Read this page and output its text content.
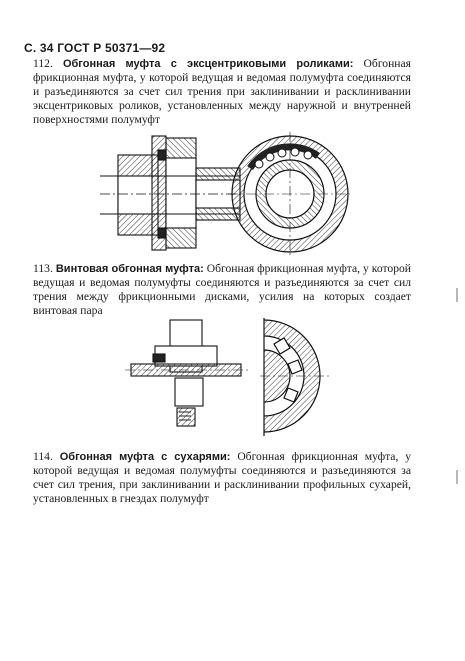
С. 34 ГОСТ Р 50371—92
112. Обгонная муфта с эксцентриковыми роликами: Обгонная фрикционная муфта, у которой ведущая и ведомая полумуфта соединяются и разъединяются за счет сил трения при заклинивании и расклинивании эксцентриковых роликов, установленных между наружной и внутренней поверхностями полумуфт
113. Винтовая обгонная муфта: Обгонная фрикционная муфта, у которой ведущая и ведомая полумуфты соединяются и разъединяются за счет сил трения между фрикционными дисками, усилия на которых создает винтовая пара
114. Обгонная муфта с сухарями: Обгонная фрикционная муфта, у которой ведущая и ведомая полумуфты соединяются и разъединяются за счет сил трения, при заклинивании и расклинивании профильных сухарей, установленных в гнездах полумуфт
